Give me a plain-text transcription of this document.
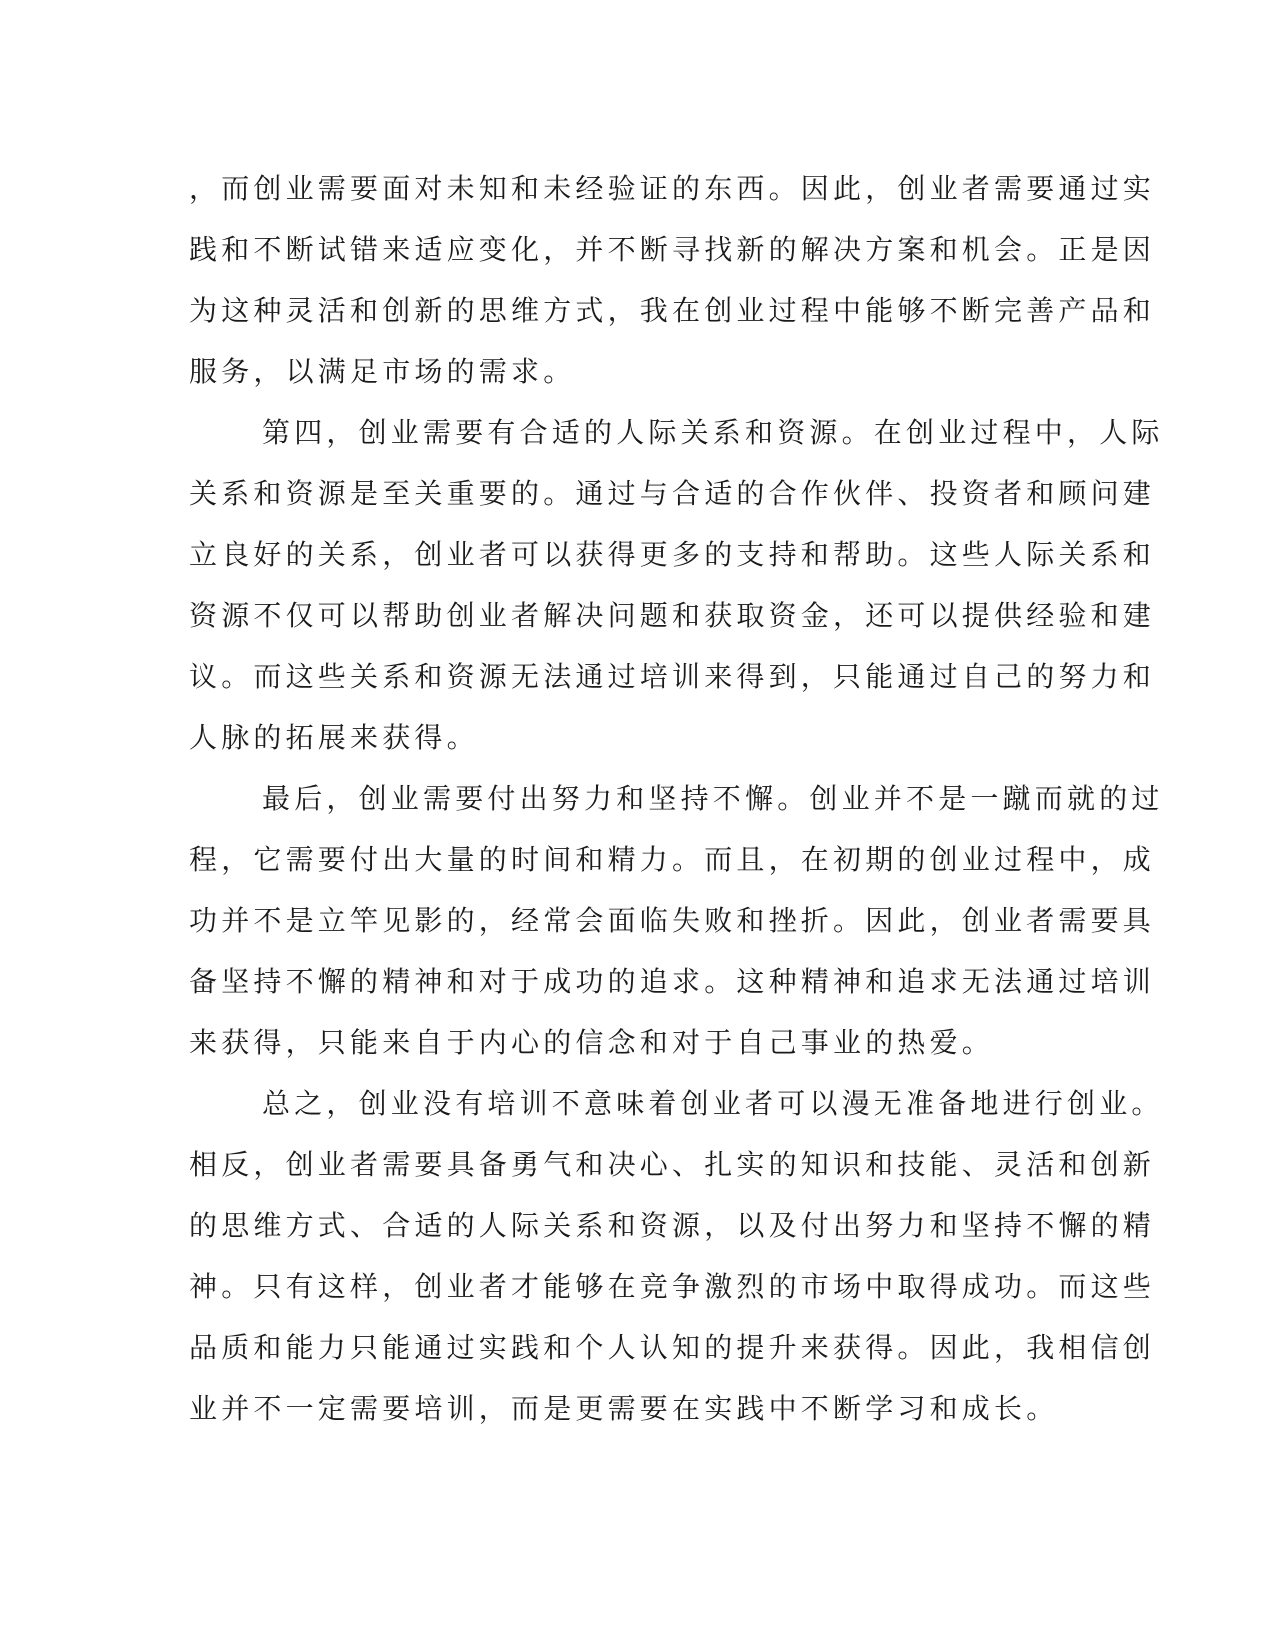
，而创业需要面对未知和未经验证的东西。因此，创业者需要通过实
践和不断试错来适应变化，并不断寻找新的解决方案和机会。正是因
为这种灵活和创新的思维方式，我在创业过程中能够不断完善产品和
服务，以满足市场的需求。
第四，创业需要有合适的人际关系和资源。在创业过程中，人际
关系和资源是至关重要的。通过与合适的合作伙伴、投资者和顾问建
立良好的关系，创业者可以获得更多的支持和帮助。这些人际关系和
资源不仅可以帮助创业者解决问题和获取资金，还可以提供经验和建
议。而这些关系和资源无法通过培训来得到，只能通过自己的努力和
人脉的拓展来获得。
最后，创业需要付出努力和坚持不懈。创业并不是一蹴而就的过
程，它需要付出大量的时间和精力。而且，在初期的创业过程中，成
功并不是立竿见影的，经常会面临失败和挫折。因此，创业者需要具
备坚持不懈的精神和对于成功的追求。这种精神和追求无法通过培训
来获得，只能来自于内心的信念和对于自己事业的热爱。
总之，创业没有培训不意味着创业者可以漫无准备地进行创业。
相反，创业者需要具备勇气和决心、扎实的知识和技能、灵活和创新
的思维方式、合适的人际关系和资源，以及付出努力和坚持不懈的精
神。只有这样，创业者才能够在竞争激烈的市场中取得成功。而这些
品质和能力只能通过实践和个人认知的提升来获得。因此，我相信创
业并不一定需要培训，而是更需要在实践中不断学习和成长。
